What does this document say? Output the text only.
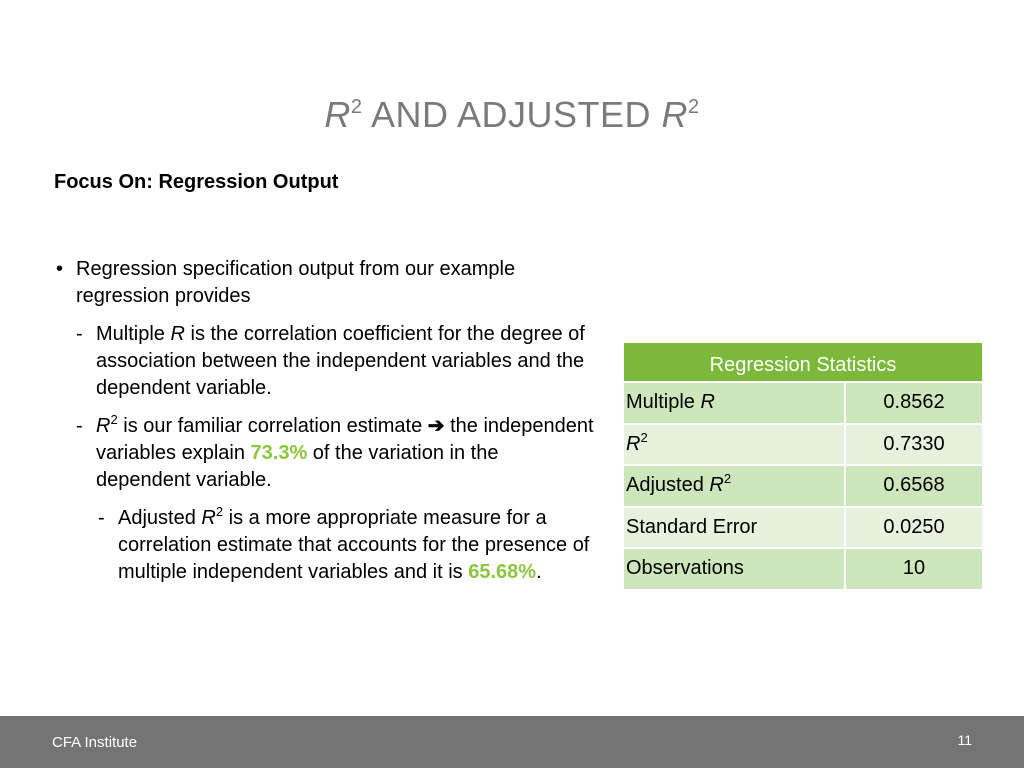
$R^2$ AND ADJUSTED $R^2$
Focus On: Regression Output
• Regression specification output from our example regression provides
- Multiple R is the correlation coefficient for the degree of association between the independent variables and the dependent variable.
- $R^2$ is our familiar correlation estimate ➔ the independent variables explain 73.3% of the variation in the dependent variable.
- Adjusted $R^2$ is a more appropriate measure for a correlation estimate that accounts for the presence of multiple independent variables and it is 65.68%.
Regression Statistics	
Multiple R	0.8562
$R^2$	0.7330
Adjusted $R^2$	0.6568
Standard Error	0.0250
Observations	10
CFA Institute	11
